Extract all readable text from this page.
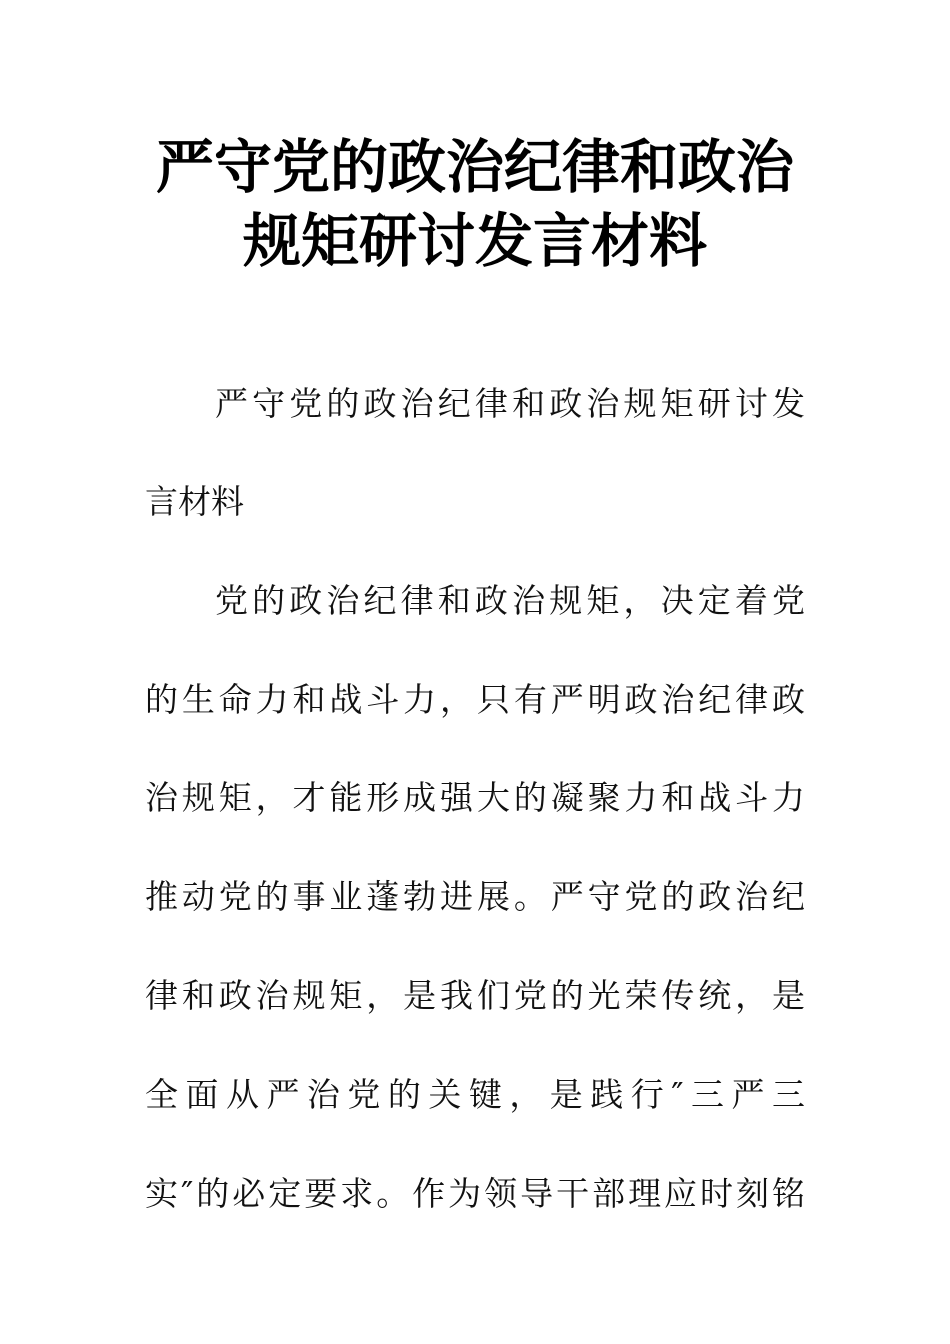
严守党的政治纪律和政治
规矩研讨发言材料

严守党的政治纪律和政治规矩研讨发

言材料

党的政治纪律和政治规矩，决定着党

的生命力和战斗力，只有严明政治纪律政

治规矩，才能形成强大的凝聚力和战斗力

推动党的事业蓬勃进展。严守党的政治纪

律和政治规矩，是我们党的光荣传统，是

全面从严治党的关键，是践行″三严三

实″的必定要求。作为领导干部理应时刻铭
